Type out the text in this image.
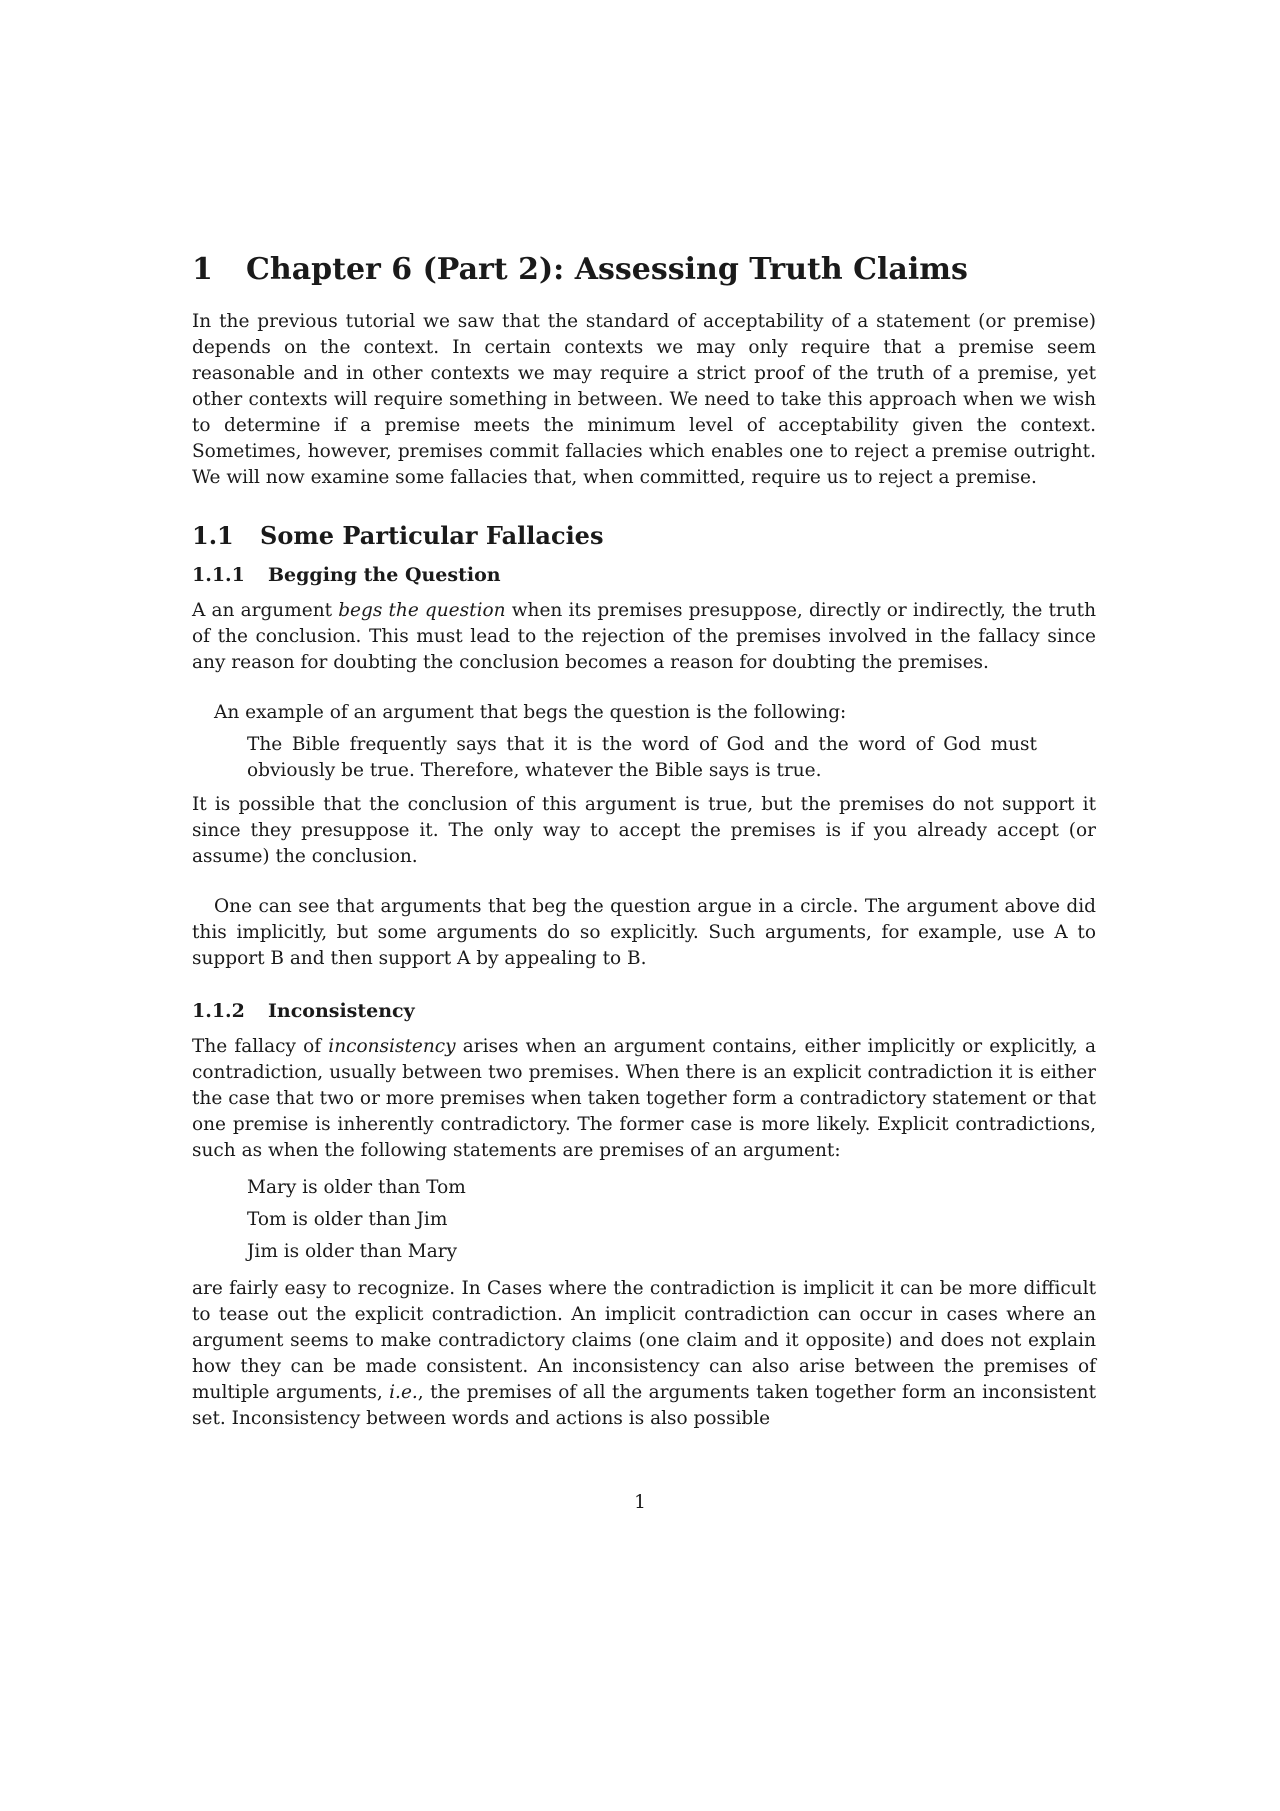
1	Chapter 6 (Part 2): Assessing Truth Claims

In the previous tutorial we saw that the standard of acceptability of a statement (or premise) depends on the context. In certain contexts we may only require that a premise seem reasonable and in other contexts we may require a strict proof of the truth of a premise, yet other contexts will require something in between. We need to take this approach when we wish to determine if a premise meets the minimum level of acceptability given the context. Sometimes, however, premises commit fallacies which enables one to reject a premise outright. We will now examine some fallacies that, when committed, require us to reject a premise.

1.1	Some Particular Fallacies
1.1.1	Begging the Question

A an argument begs the question when its premises presuppose, directly or indirectly, the truth of the conclusion. This must lead to the rejection of the premises involved in the fallacy since any reason for doubting the conclusion becomes a reason for doubting the premises.

An example of an argument that begs the question is the following:

The Bible frequently says that it is the word of God and the word of God must obviously be true. Therefore, whatever the Bible says is true.

It is possible that the conclusion of this argument is true, but the premises do not support it since they presuppose it. The only way to accept the premises is if you already accept (or assume) the conclusion.

One can see that arguments that beg the question argue in a circle. The argument above did this implicitly, but some arguments do so explicitly. Such arguments, for example, use A to support B and then support A by appealing to B.

1.1.2	Inconsistency

The fallacy of inconsistency arises when an argument contains, either implicitly or explicitly, a contradiction, usually between two premises. When there is an explicit contradiction it is either the case that two or more premises when taken together form a contradictory statement or that one premise is inherently contradictory. The former case is more likely. Explicit contradictions, such as when the following statements are premises of an argument:

Mary is older than Tom
Tom is older than Jim
Jim is older than Mary

are fairly easy to recognize. In Cases where the contradiction is implicit it can be more difficult to tease out the explicit contradiction. An implicit contradiction can occur in cases where an argument seems to make contradictory claims (one claim and it opposite) and does not explain how they can be made consistent. An inconsistency can also arise between the premises of multiple arguments, i.e., the premises of all the arguments taken together form an inconsistent set. Inconsistency between words and actions is also possible

1
